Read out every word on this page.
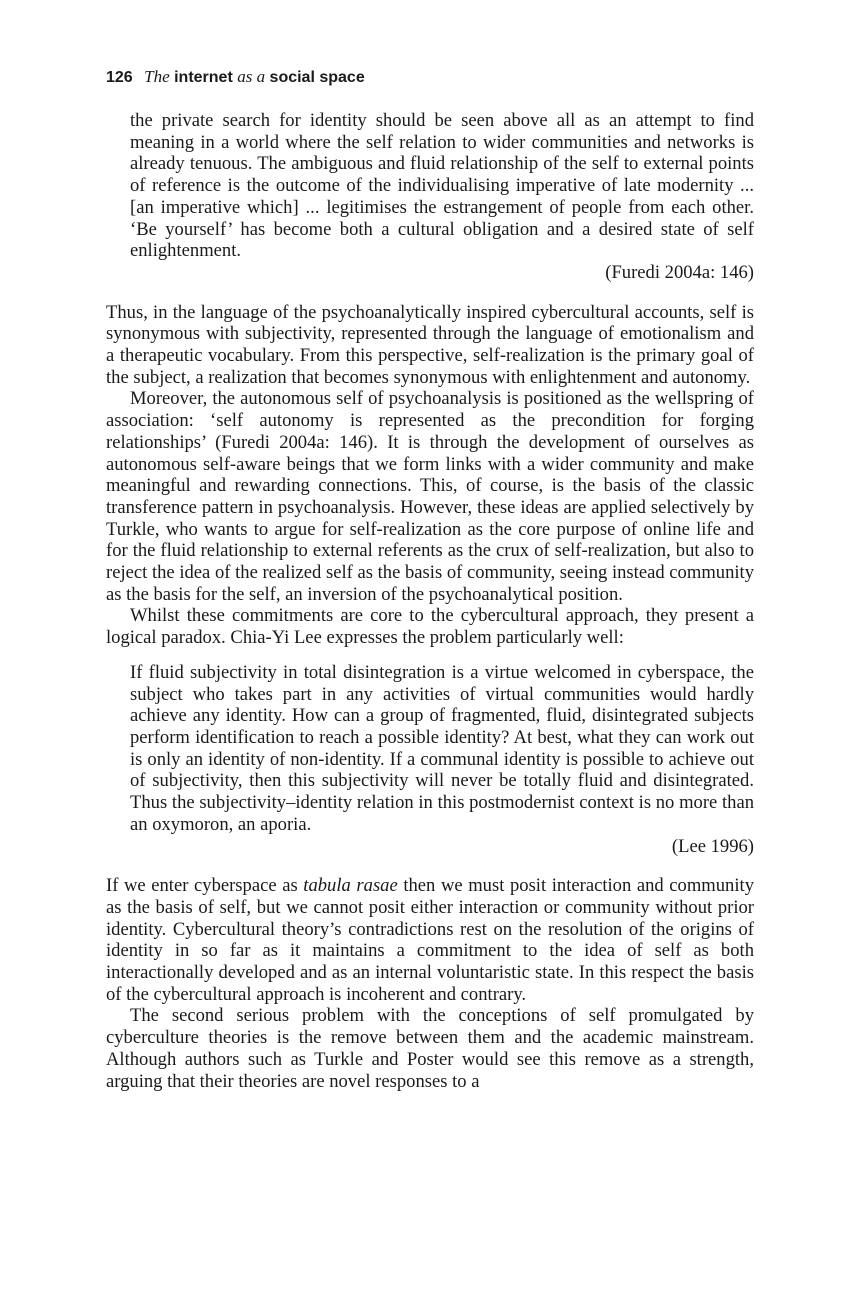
126 The internet as a social space

the private search for identity should be seen above all as an attempt to find meaning in a world where the self relation to wider communities and networks is already tenuous. The ambiguous and fluid relationship of the self to external points of reference is the outcome of the individualising imperative of late modernity ... [an imperative which] ... legitimises the estrangement of people from each other. ‘Be yourself’ has become both a cultural obligation and a desired state of self enlightenment.

(Furedi 2004a: 146)

Thus, in the language of the psychoanalytically inspired cybercultural accounts, self is synonymous with subjectivity, represented through the language of emotionalism and a therapeutic vocabulary. From this perspective, self-realization is the primary goal of the subject, a realization that becomes synonymous with enlightenment and autonomy.

Moreover, the autonomous self of psychoanalysis is positioned as the wellspring of association: ‘self autonomy is represented as the precondition for forging relationships’ (Furedi 2004a: 146). It is through the development of ourselves as autonomous self-aware beings that we form links with a wider community and make meaningful and rewarding connections. This, of course, is the basis of the classic transference pattern in psychoanalysis. However, these ideas are applied selectively by Turkle, who wants to argue for self-realization as the core purpose of online life and for the fluid relationship to external referents as the crux of self-realization, but also to reject the idea of the realized self as the basis of community, seeing instead community as the basis for the self, an inversion of the psychoanalytical position.

Whilst these commitments are core to the cybercultural approach, they present a logical paradox. Chia-Yi Lee expresses the problem particularly well:

If fluid subjectivity in total disintegration is a virtue welcomed in cyberspace, the subject who takes part in any activities of virtual communities would hardly achieve any identity. How can a group of fragmented, fluid, disintegrated subjects perform identification to reach a possible identity? At best, what they can work out is only an identity of non-identity. If a communal identity is possible to achieve out of subjectivity, then this subjectivity will never be totally fluid and disintegrated. Thus the subjectivity–identity relation in this postmodernist context is no more than an oxymoron, an aporia.

(Lee 1996)

If we enter cyberspace as tabula rasae then we must posit interaction and community as the basis of self, but we cannot posit either interaction or community without prior identity. Cybercultural theory’s contradictions rest on the resolution of the origins of identity in so far as it maintains a commitment to the idea of self as both interactionally developed and as an internal voluntaristic state. In this respect the basis of the cybercultural approach is incoherent and contrary.

The second serious problem with the conceptions of self promulgated by cyberculture theories is the remove between them and the academic mainstream. Although authors such as Turkle and Poster would see this remove as a strength, arguing that their theories are novel responses to a
